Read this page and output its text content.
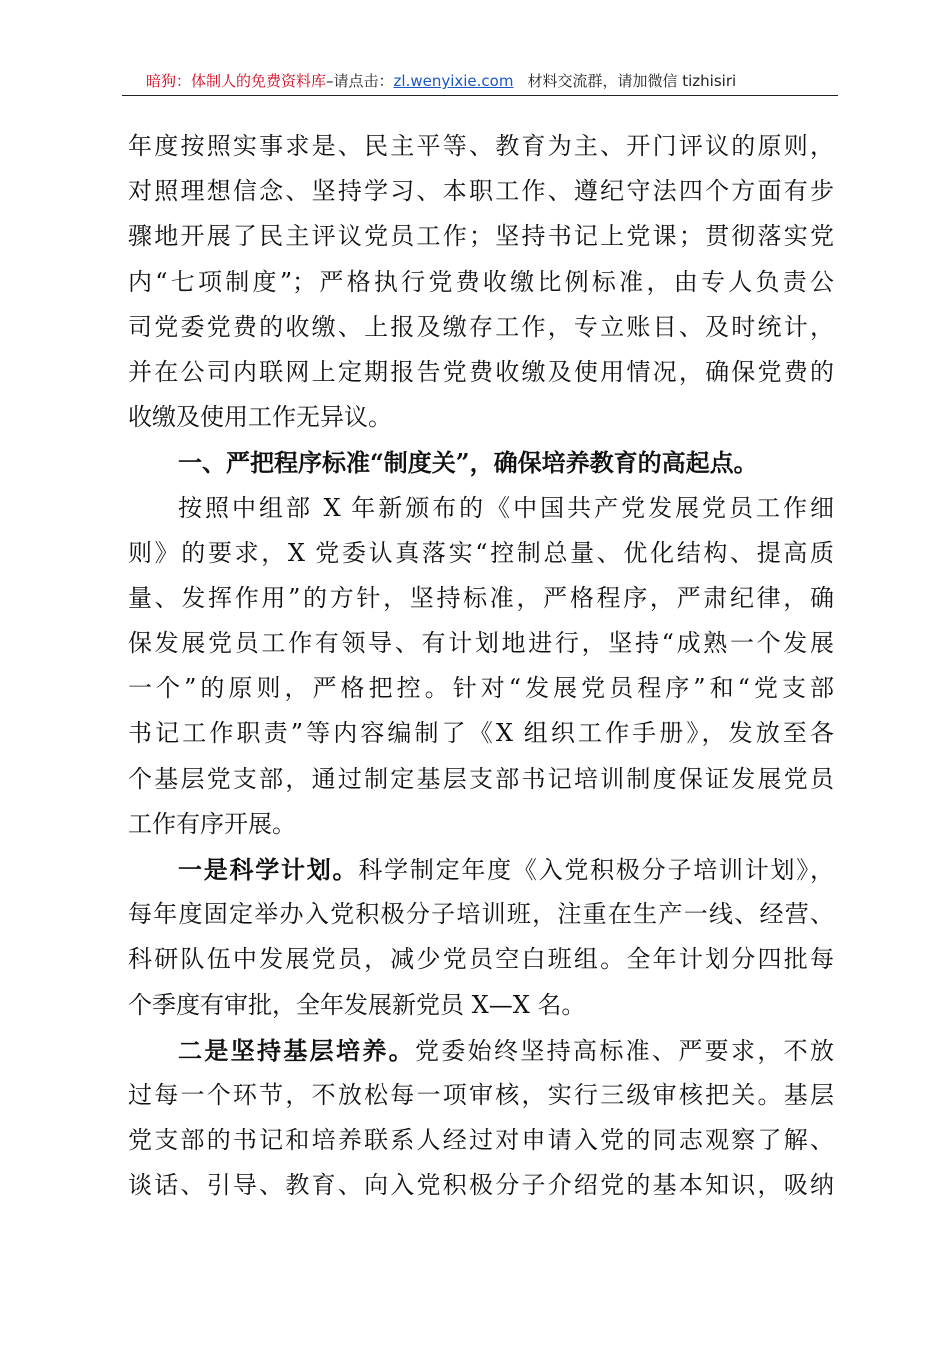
暗狗：体制人的免费资料库–请点击：zl.wenyixie.com 材料交流群，请加微信 tizhisiri
年度按照实事求是、民主平等、教育为主、开门评议的原则，
对照理想信念、坚持学习、本职工作、遵纪守法四个方面有步
骤地开展了民主评议党员工作；坚持书记上党课；贯彻落实党
内“七项制度”；严格执行党费收缴比例标准，由专人负责公
司党委党费的收缴、上报及缴存工作，专立账目、及时统计，
并在公司内联网上定期报告党费收缴及使用情况，确保党费的
收缴及使用工作无异议。
一、严把程序标准“制度关”，确保培养教育的高起点。
按照中组部 X 年新颁布的《中国共产党发展党员工作细
则》的要求，X 党委认真落实“控制总量、优化结构、提高质
量、发挥作用”的方针，坚持标准，严格程序，严肃纪律，确
保发展党员工作有领导、有计划地进行，坚持“成熟一个发展
一个”的原则，严格把控。针对“发展党员程序”和“党支部
书记工作职责”等内容编制了《X 组织工作手册》，发放至各
个基层党支部，通过制定基层支部书记培训制度保证发展党员
工作有序开展。
一是科学计划。科学制定年度《入党积极分子培训计划》，
每年度固定举办入党积极分子培训班，注重在生产一线、经营、
科研队伍中发展党员，减少党员空白班组。全年计划分四批每
个季度有审批，全年发展新党员 X—X 名。
二是坚持基层培养。党委始终坚持高标准、严要求，不放
过每一个环节，不放松每一项审核，实行三级审核把关。基层
党支部的书记和培养联系人经过对申请入党的同志观察了解、
谈话、引导、教育、向入党积极分子介绍党的基本知识，吸纳
